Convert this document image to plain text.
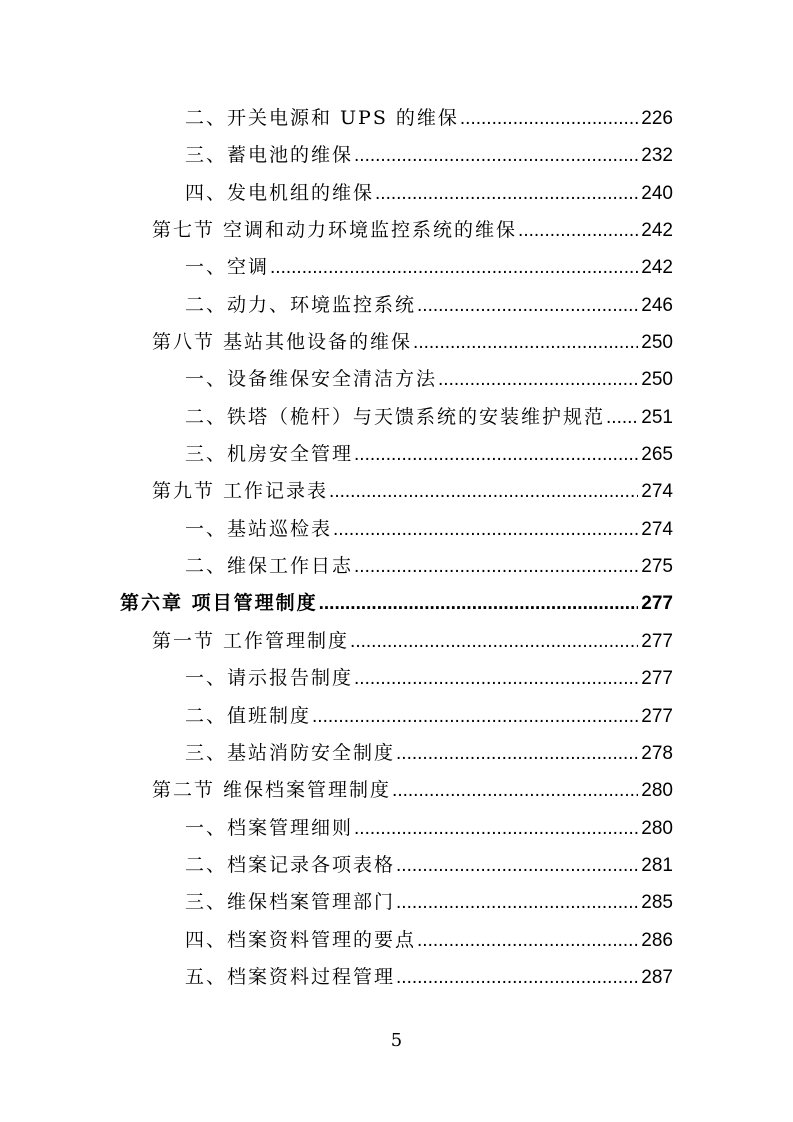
二、开关电源和 UPS 的维保 .....	226
三、蓄电池的维保 .....	232
四、发电机组的维保 .....	240
第七节 空调和动力环境监控系统的维保 .....	242
一、空调 .....	242
二、动力、环境监控系统 .....	246
第八节 基站其他设备的维保 .....	250
一、设备维保安全清洁方法 .....	250
二、铁塔（桅杆）与天馈系统的安装维护规范 ..... 251
三、机房安全管理 .....	265
第九节 工作记录表 .....	274
一、基站巡检表 .....	274
二、维保工作日志 .....	275
第六章 项目管理制度 .....	277
第一节 工作管理制度 .....	277
一、请示报告制度 .....	277
二、值班制度 .....	277
三、基站消防安全制度 .....	278
第二节 维保档案管理制度 .....	280
一、档案管理细则 .....	280
二、档案记录各项表格 .....	281
三、维保档案管理部门 .....	285
四、档案资料管理的要点 .....	286
五、档案资料过程管理 .....	287
5
